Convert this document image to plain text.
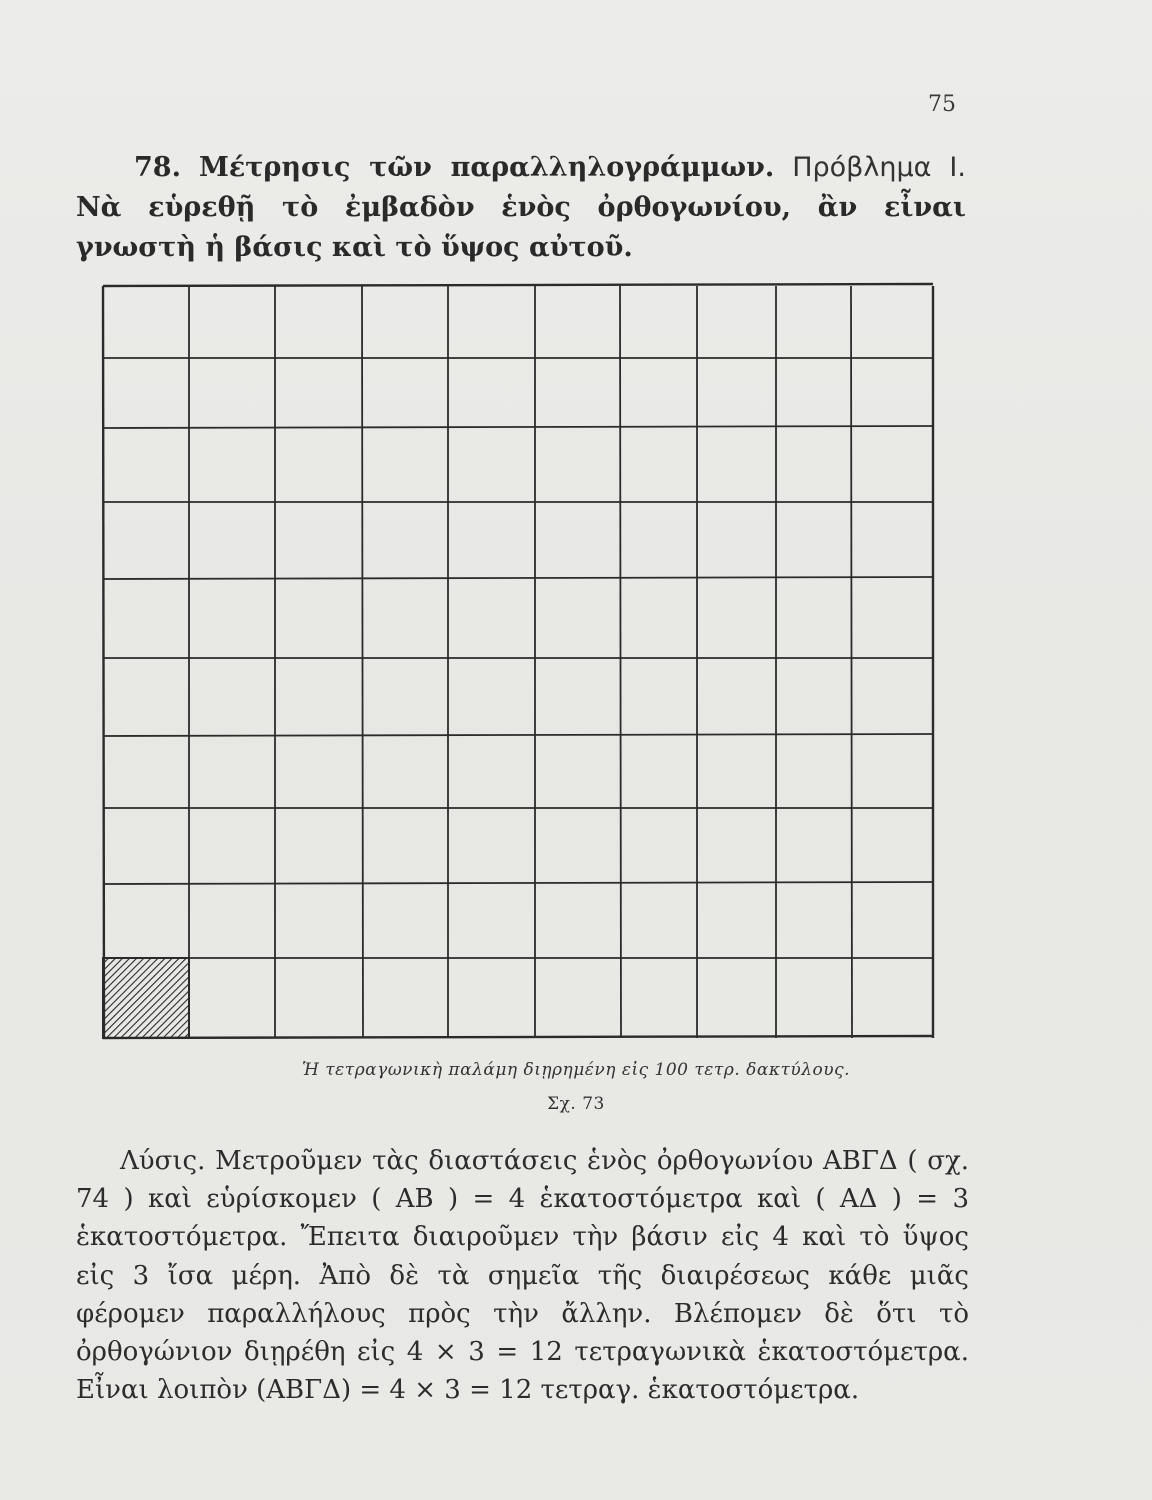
75
78. Μέτρησις τῶν παραλληλογράμμων. Πρόβλημα Ι. Νὰ εὑρεθῇ τὸ ἐμβαδὸν ἑνὸς ὀρθογωνίου, ἂν εἶναι γνωστὴ ἡ βάσις καὶ τὸ ὕψος αὐτοῦ.
Ἡ τετραγωνικὴ παλάμη διῃρημένη εἰς 100 τετρ. δακτύλους.
Σχ. 73
Λύσις. Μετροῦμεν τὰς διαστάσεις ἑνὸς ὀρθογωνίου ΑΒΓΔ ( σχ. 74 ) καὶ εὑρίσκομεν ( ΑΒ ) = 4 ἑκατοστόμετρα καὶ ( ΑΔ ) = 3 ἑκατοστόμετρα. Ἔπειτα διαιροῦμεν τὴν βάσιν εἰς 4 καὶ τὸ ὕψος εἰς 3 ἴσα μέρη. Ἀπὸ δὲ τὰ σημεῖα τῆς διαιρέσεως κάθε μιᾶς φέρομεν παραλλήλους πρὸς τὴν ἄλλην. Βλέπομεν δὲ ὅτι τὸ ὀρθογώνιον διῃρέθη εἰς 4 × 3 = 12 τετραγωνικὰ ἑκατοστόμετρα. Εἶναι λοιπὸν (ΑΒΓΔ) = 4 × 3 = 12 τετραγ. ἑκατοστόμετρα.
